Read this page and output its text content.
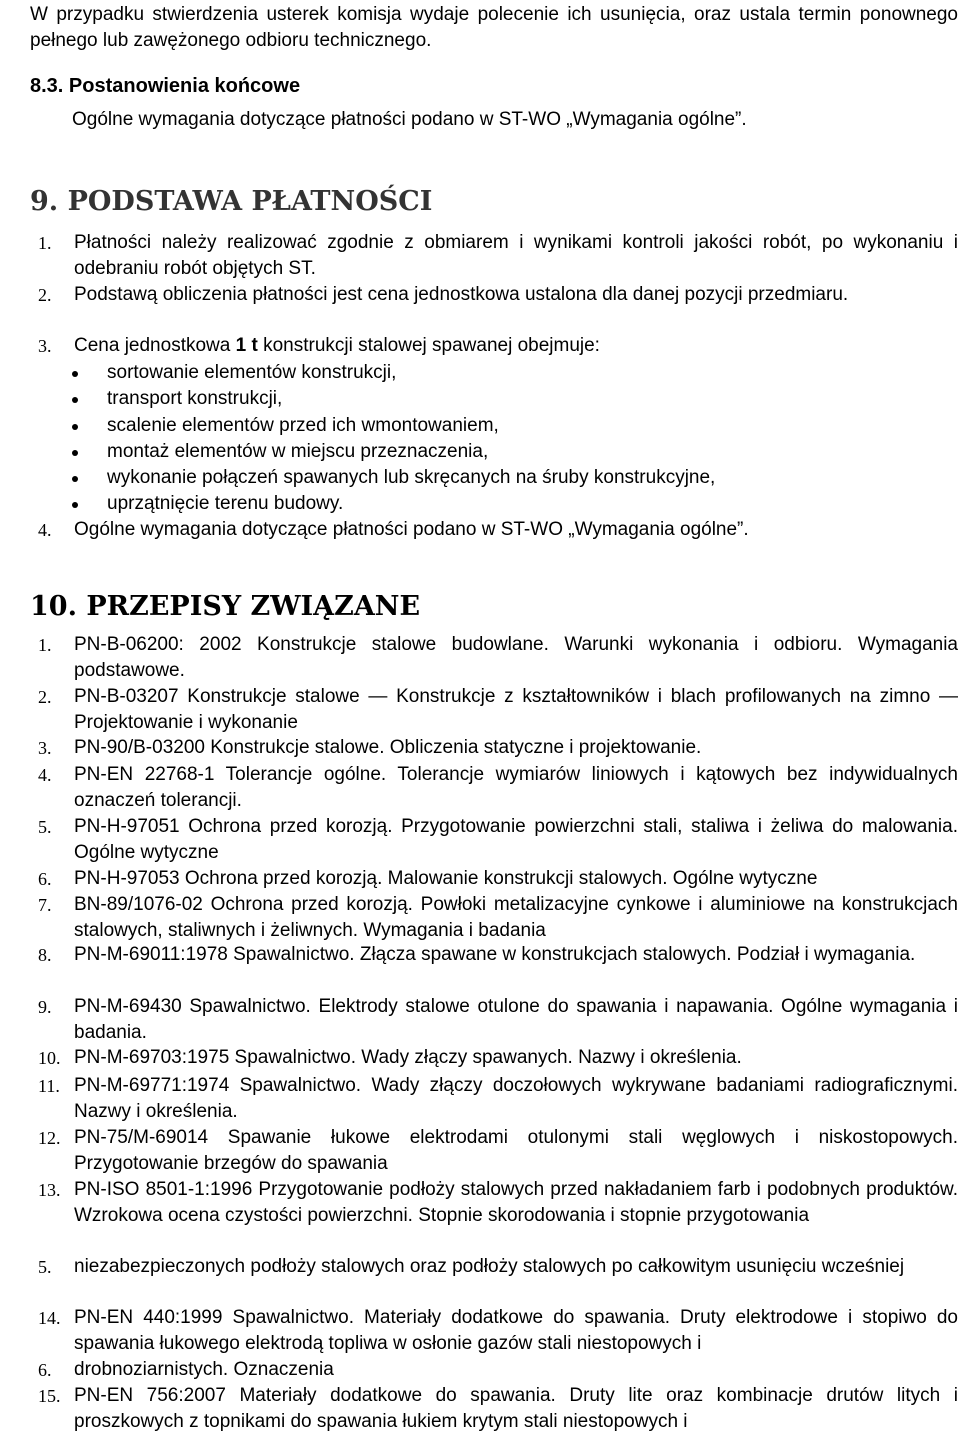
W przypadku stwierdzenia usterek komisja wydaje polecenie ich usunięcia, oraz ustala termin ponownego pełnego lub zawężonego odbioru technicznego.

8.3. Postanowienia końcowe

Ogólne wymagania dotyczące płatności podano w ST-WO „Wymagania ogólne”.

9. PODSTAWA PŁATNOŚCI
1. Płatności należy realizować zgodnie z obmiarem i wynikami kontroli jakości robót, po wykonaniu i odebraniu robót objętych ST.
2. Podstawą obliczenia płatności jest cena jednostkowa ustalona dla danej pozycji przedmiaru.
3. Cena jednostkowa 1 t konstrukcji stalowej spawanej obejmuje:
sortowanie elementów konstrukcji,
transport konstrukcji,
scalenie elementów przed ich wmontowaniem,
montaż elementów w miejscu przeznaczenia,
wykonanie połączeń spawanych lub skręcanych na śruby konstrukcyjne,
uprzątnięcie terenu budowy.
4. Ogólne wymagania dotyczące płatności podano w ST-WO „Wymagania ogólne”.
10. PRZEPISY ZWIĄZANE
1. PN-B-06200: 2002 Konstrukcje stalowe budowlane. Warunki wykonania i odbioru. Wymagania podstawowe.
2. PN-B-03207 Konstrukcje stalowe — Konstrukcje z kształtowników i blach profilowanych na zimno — Projektowanie i wykonanie
3. PN-90/B-03200 Konstrukcje stalowe. Obliczenia statyczne i projektowanie.
4. PN-EN 22768-1 Tolerancje ogólne. Tolerancje wymiarów liniowych i kątowych bez indywidualnych oznaczeń tolerancji.
5. PN-H-97051 Ochrona przed korozją. Przygotowanie powierzchni stali, staliwa i żeliwa do malowania. Ogólne wytyczne
6. PN-H-97053 Ochrona przed korozją. Malowanie konstrukcji stalowych. Ogólne wytyczne
7. BN-89/1076-02 Ochrona przed korozją. Powłoki metalizacyjne cynkowe i aluminiowe na konstrukcjach stalowych, staliwnych i żeliwnych. Wymagania i badania
8. PN-M-69011:1978 Spawalnictwo. Złącza spawane w konstrukcjach stalowych. Podział i wymagania.
9. PN-M-69430 Spawalnictwo. Elektrody stalowe otulone do spawania i napawania. Ogólne wymagania i badania.
10. PN-M-69703:1975 Spawalnictwo. Wady złączy spawanych. Nazwy i określenia.
11. PN-M-69771:1974 Spawalnictwo. Wady złączy doczołowych wykrywane badaniami radiograficznymi. Nazwy i określenia.
12. PN-75/M-69014 Spawanie łukowe elektrodami otulonymi stali węglowych i niskostopowych. Przygotowanie brzegów do spawania
13. PN-ISO 8501-1:1996 Przygotowanie podłoży stalowych przed nakładaniem farb i podobnych produktów. Wzrokowa ocena czystości powierzchni. Stopnie skorodowania i stopnie przygotowania
5. niezabezpieczonych podłoży stalowych oraz podłoży stalowych po całkowitym usunięciu wcześniej
14. PN-EN 440:1999 Spawalnictwo. Materiały dodatkowe do spawania. Druty elektrodowe i stopiwo do spawania łukowego elektrodą topliwa w osłonie gazów stali niestopowych i
6. drobnoziarnistych. Oznaczenia
15. PN-EN 756:2007 Materiały dodatkowe do spawania. Druty lite oraz kombinacje drutów litych i proszkowych z topnikami do spawania łukiem krytym stali niestopowych i
